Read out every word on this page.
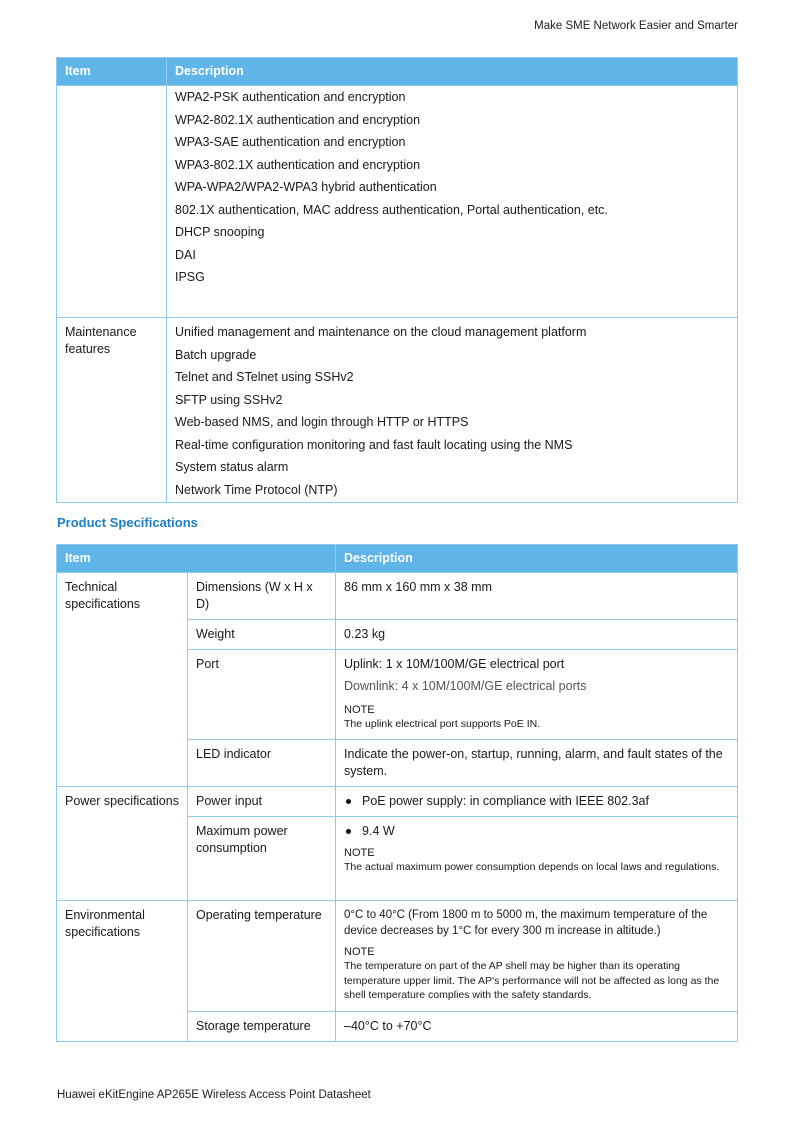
Make SME Network Easier and Smarter
Item	Description

WPA2-PSK authentication and encryption
WPA2-802.1X authentication and encryption
WPA3-SAE authentication and encryption
WPA3-802.1X authentication and encryption
WPA-WPA2/WPA2-WPA3 hybrid authentication
802.1X authentication, MAC address authentication, Portal authentication, etc.
DHCP snooping
DAI
IPSG

Maintenance features	
Unified management and maintenance on the cloud management platform
Batch upgrade
Telnet and STelnet using SSHv2
SFTP using SSHv2
Web-based NMS, and login through HTTP or HTTPS
Real-time configuration monitoring and fast fault locating using the NMS
System status alarm
Network Time Protocol (NTP)
Product Specifications
Item		Description
Technical specifications	Dimensions (W x H x D)	86 mm x 160 mm x 38 mm
	Weight	0.23 kg
	Port	Uplink: 1 x 10M/100M/GE electrical port
Downlink: 4 x 10M/100M/GE electrical ports
NOTE
The uplink electrical port supports PoE IN.

	LED indicator	Indicate the power-on, startup, running, alarm, and fault states of the system.
Power specifications	Power input	PoE power supply: in compliance with IEEE 802.3af

	Maximum power consumption	9.4 W
NOTE
The actual maximum power consumption depends on local laws and regulations.

Environmental specifications	Operating temperature	0°C to 40°C (From 1800 m to 5000 m, the maximum temperature of the device decreases by 1°C for every 300 m increase in altitude.)
NOTE
The temperature on part of the AP shell may be higher than its operating temperature upper limit. The AP's performance will not be affected as long as the shell temperature complies with the safety standards.

	Storage temperature	–40°C to +70°C
Huawei eKitEngine AP265E Wireless Access Point Datasheet
